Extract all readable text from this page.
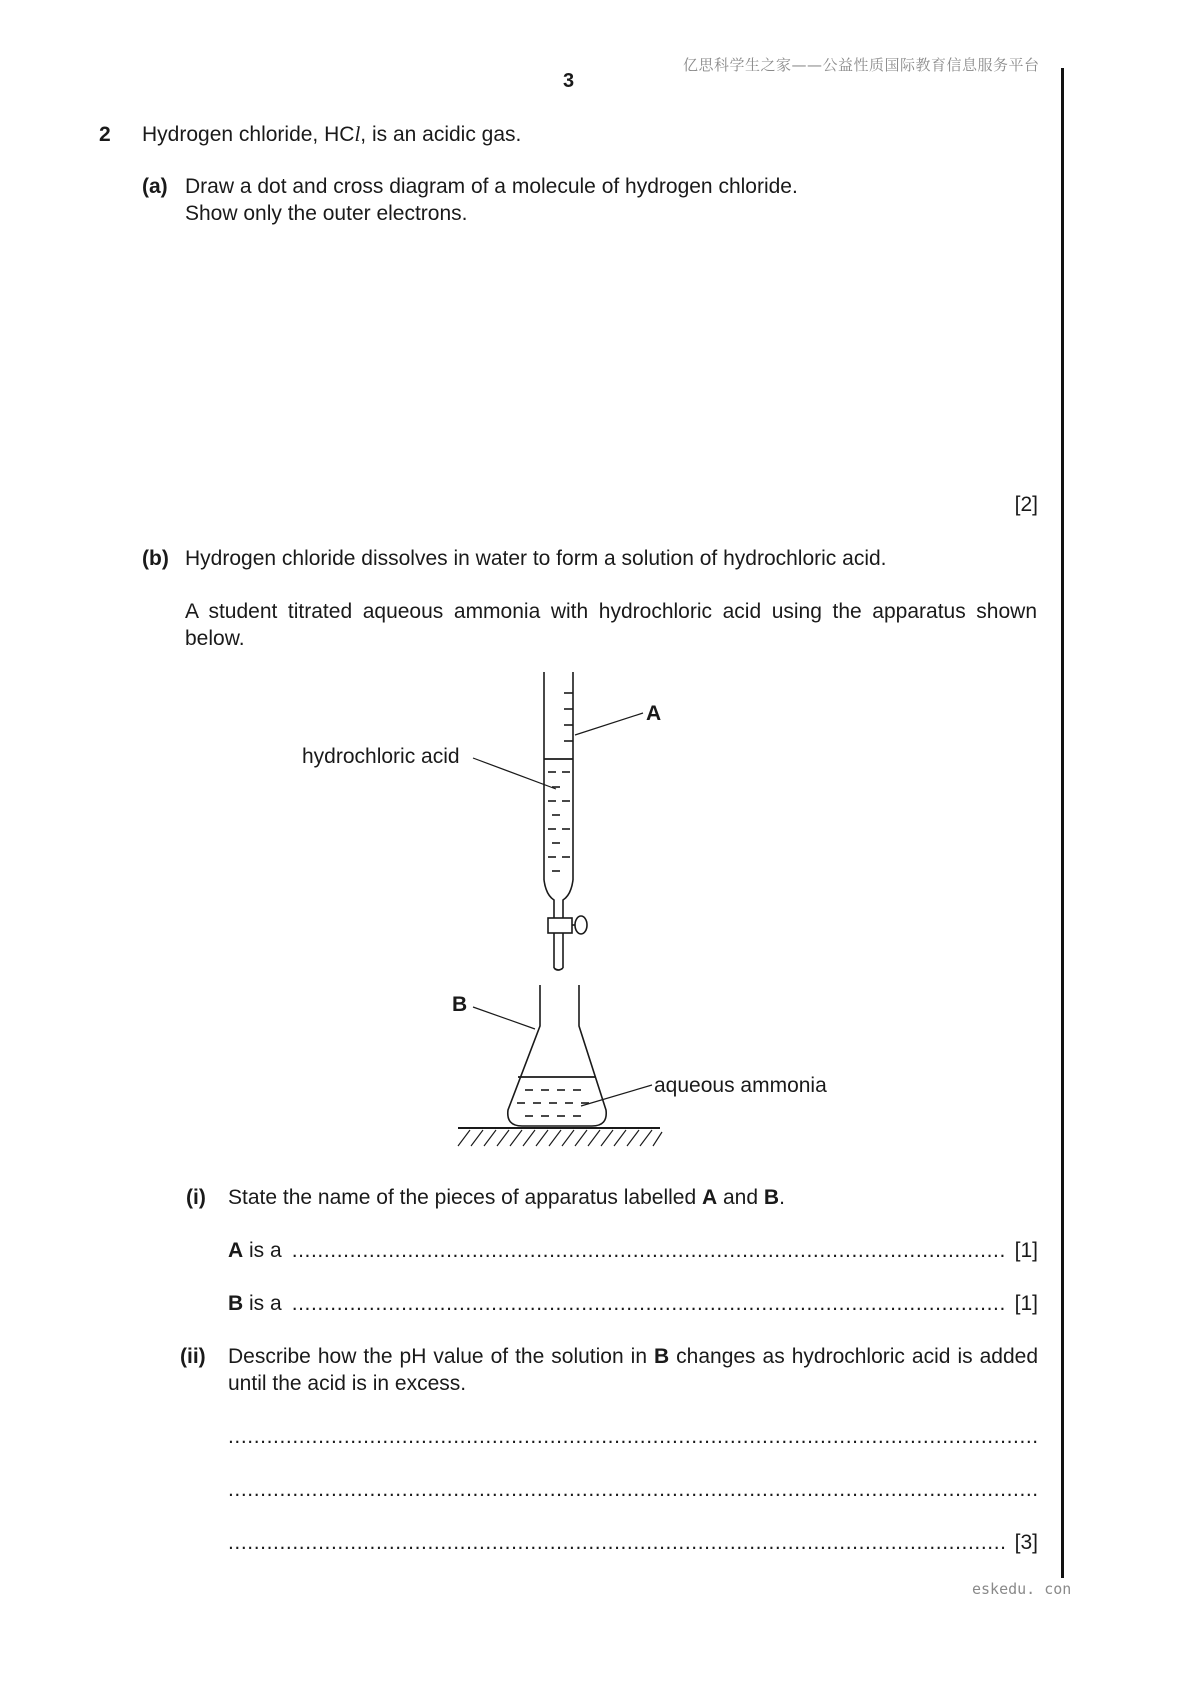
亿思科学生之家——公益性质国际教育信息服务平台
3
eskedu. con
2 Hydrogen chloride, HCl, is an acidic gas.
(a) Draw a dot and cross diagram of a molecule of hydrogen chloride.
Show only the outer electrons.
[2]
(b) Hydrogen chloride dissolves in water to form a solution of hydrochloric acid.
A student titrated aqueous ammonia with hydrochloric acid using the apparatus shown below.
A
hydrochloric acid
B
aqueous ammonia
(i) State the name of the pieces of apparatus labelled A and B.
A is a .....	[1]
B is a .....	[1]
(ii) Describe how the pH value of the solution in B changes as hydrochloric acid is added until the acid is in excess.
.....
.....
.....
[3]
